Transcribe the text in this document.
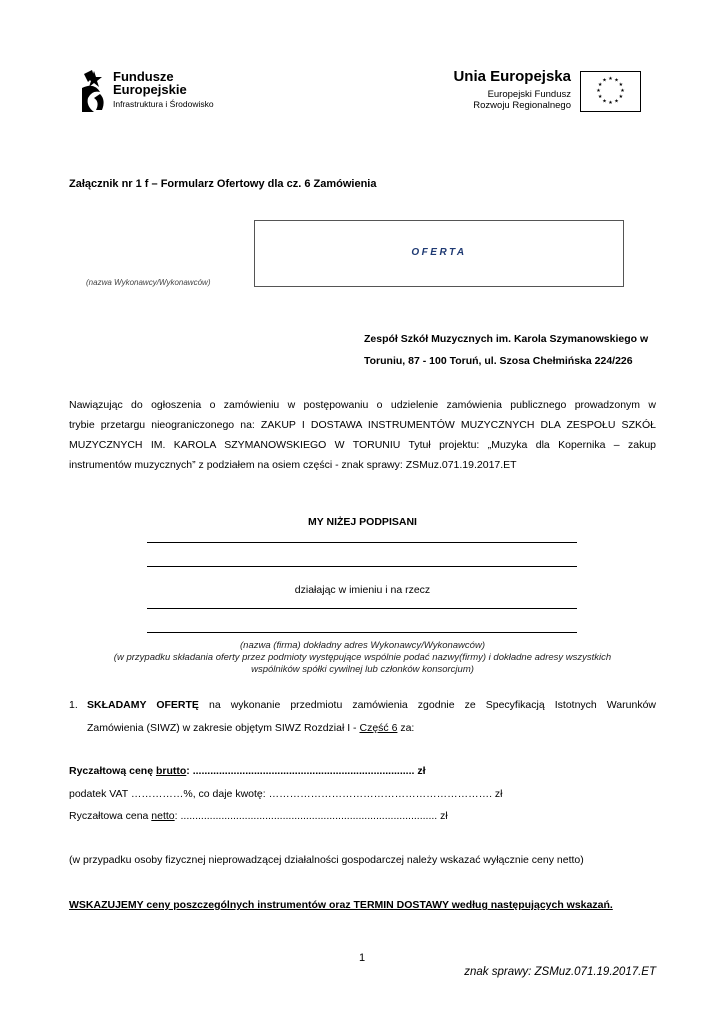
Fundusze
Europejskie
Infrastruktura i Środowisko
Unia Europejska
Europejski Fundusz
Rozwoju Regionalnego
★ ★
★
★
★
★
★
★
★
★
★
★
Załącznik nr 1 f – Formularz Ofertowy dla cz. 6 Zamówienia
OFERTA
(nazwa Wykonawcy/Wykonawców)
Zespół Szkół Muzycznych im. Karola Szymanowskiego w
Toruniu, 87 - 100 Toruń, ul. Szosa Chełmińska 224/226
Nawiązując do ogłoszenia o zamówieniu w postępowaniu o udzielenie zamówienia publicznego prowadzonym w
trybie przetargu nieograniczonego na: ZAKUP I DOSTAWA INSTRUMENTÓW MUZYCZNYCH DLA ZESPOŁU SZKÓŁ
MUZYCZNYCH IM. KAROLA SZYMANOWSKIEGO W TORUNIU Tytuł projektu: „Muzyka dla Kopernika – zakup
instrumentów muzycznych” z podziałem na osiem części - znak sprawy: ZSMuz.071.19.2017.ET
MY NIŻEJ PODPISANI
działając w imieniu i na rzecz
(nazwa (firma) dokładny adres Wykonawcy/Wykonawców)
(w przypadku składania oferty przez podmioty występujące wspólnie podać nazwy(firmy) i dokładne adresy wszystkich
wspólników spółki cywilnej lub członków konsorcjum)
1. SKŁADAMY OFERTĘ na wykonanie przedmiotu zamówienia zgodnie ze Specyfikacją Istotnych Warunków
Zamówienia (SIWZ) w zakresie objętym SIWZ Rozdział I - Część 6 za:
Ryczałtową cenę brutto: ............................................................................ zł
podatek VAT ……………%, co daje kwotę: ………………………………………………………. zł
Ryczałtowa cena netto: ........................................................................................ zł
(w przypadku osoby fizycznej nieprowadzącej działalności gospodarczej należy wskazać wyłącznie ceny netto)
WSKAZUJEMY ceny poszczególnych instrumentów oraz TERMIN DOSTAWY według następujących wskazań.
1
znak sprawy: ZSMuz.071.19.2017.ET
